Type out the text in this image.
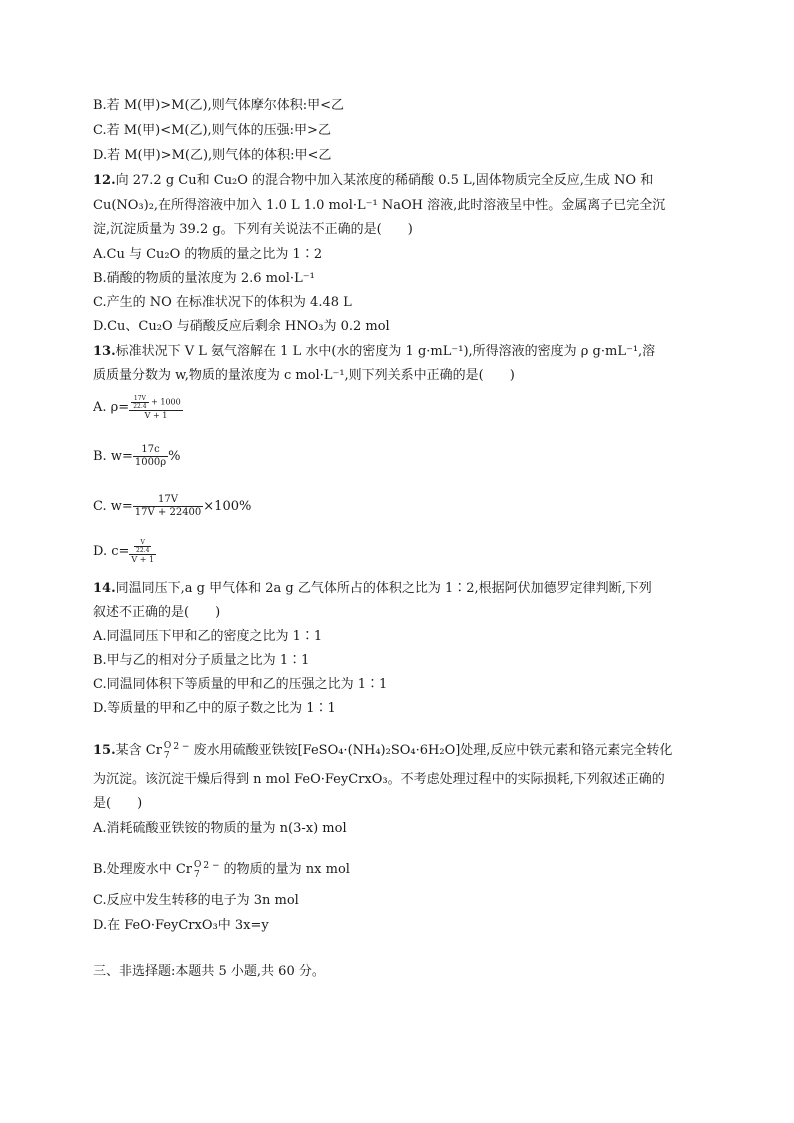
B.若 M(甲)>M(乙),则气体摩尔体积:甲<乙
C.若 M(甲)<M(乙),则气体的压强:甲>乙
D.若 M(甲)>M(乙),则气体的体积:甲<乙
12.向 27.2 g Cu和 Cu₂O 的混合物中加入某浓度的稀硝酸 0.5 L,固体物质完全反应,生成 NO 和
Cu(NO₃)₂,在所得溶液中加入 1.0 L 1.0 mol·L⁻¹ NaOH 溶液,此时溶液呈中性。金属离子已完全沉
淀,沉淀质量为 39.2 g。下列有关说法不正确的是(　　)
A.Cu 与 Cu₂O 的物质的量之比为 1∶2
B.硝酸的物质的量浓度为 2.6 mol·L⁻¹
C.产生的 NO 在标准状况下的体积为 4.48 L
D.Cu、Cu₂O 与硝酸反应后剩余 HNO₃为 0.2 mol
13.标准状况下 V L 氨气溶解在 1 L 水中(水的密度为 1 g·mL⁻¹),所得溶液的密度为 ρ g·mL⁻¹,溶
质质量分数为 w,物质的量浓度为 c mol·L⁻¹,则下列关系中正确的是(　　)
A. $\rho= \frac{\frac{17V}{22.4} + 1000}{V + 1}$
B. $w= \frac{17c}{1000\rho}$ %
C. $w= \frac{17V}{17V + 22400} \times 100\%$
D. $c= \frac{\frac{V}{22.4}}{V + 1}$
14.同温同压下,a g 甲气体和 2a g 乙气体所占的体积之比为 1∶2,根据阿伏加德罗定律判断,下列
叙述不正确的是(　　)
A.同温同压下甲和乙的密度之比为 1∶1
B.甲与乙的相对分子质量之比为 1∶1
C.同温同体积下等质量的甲和乙的压强之比为 1∶1
D.等质量的甲和乙中的原子数之比为 1∶1
15.某含 Cr O
7
$^{2 -}$ 废水用硫酸亚铁铵[FeSO₄·(NH₄)₂SO₄·6H₂O]处理,反应中铁元素和铬元素完全转化
为沉淀。该沉淀干燥后得到 n mol FeO·FeyCrxO₃。不考虑处理过程中的实际损耗,下列叙述正确的
是(　　)
A.消耗硫酸亚铁铵的物质的量为 n(3-x) mol
B.处理废水中 Cr O
7
$^{2 -}$ 的物质的量为 nx mol
C.反应中发生转移的电子为 3n mol
D.在 FeO·FeyCrxO₃中 3x=y
三、非选择题:本题共 5 小题,共 60 分。
